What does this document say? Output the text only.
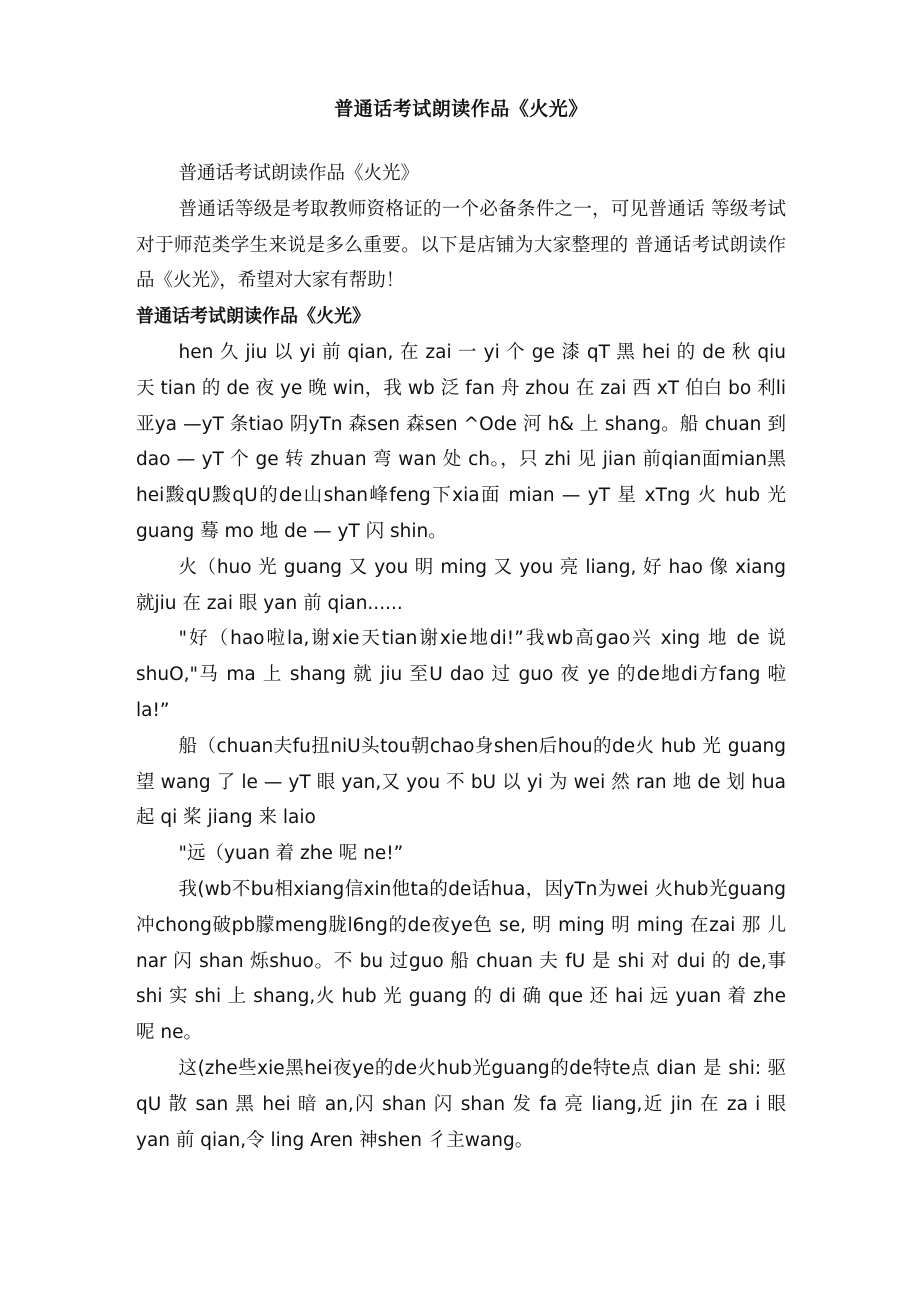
普通话考试朗读作品《火光》

普通话考试朗读作品《火光》

普通话等级是考取教师资格证的一个必备条件之一，可见普通话 等级考试对于师范类学生来说是多么重要。以下是店铺为大家整理的 普通话考试朗读作品《火光》，希望对大家有帮助！

普通话考试朗读作品《火光》

hen 久 jiu 以 yi 前 qian, 在 zai 一 yi 个 ge 漆 qT 黑 hei 的 de 秋 qiu 天 tian 的 de 夜 ye 晚 win，我 wb 泛 fan 舟 zhou 在 zai 西 xT 伯白 bo 利li 亚ya —yT 条tiao 阴yTn 森sen 森sen ^Ode 河 h& 上 shang。船 chuan 到 dao — yT 个 ge 转 zhuan 弯 wan 处 ch。，只 zhi 见 jian 前qian面mian黑hei黢qU黢qU的de山shan峰feng下xia面 mian — yT 星 xTng 火 hub 光 guang 蓦 mo 地 de — yT 闪 shin。

火（huo 光 guang 又 you 明 ming 又 you 亮 liang, 好 hao 像 xiang 就jiu 在 zai 眼 yan 前 qian......

"好（hao啦la,谢xie天tian谢xie地di!”我wb高gao兴 xing 地 de 说 shuO,"马 ma 上 shang 就 jiu 至U dao 过 guo 夜 ye 的de地di方fang 啦la!”

船（chuan夫fu扭niU头tou朝chao身shen后hou的de火 hub 光 guang 望 wang 了 le — yT 眼 yan,又 you 不 bU 以 yi 为 wei 然 ran 地 de 划 hua 起 qi 桨 jiang 来 laio

"远（yuan 着 zhe 呢 ne!”

我(wb不bu相xiang信xin他ta的de话hua，因yTn为wei 火hub光guang 冲chong破pb朦meng胧l6ng的de夜ye色 se, 明 ming 明 ming 在zai 那 儿 nar 闪 shan 烁shuo。不 bu 过guo 船 chuan 夫 fU 是 shi 对 dui 的 de,事 shi 实 shi 上 shang,火 hub 光 guang 的 di 确 que 还 hai 远 yuan 着 zhe 呢 ne。

这(zhe些xie黑hei夜ye的de火hub光guang的de特te点 dian 是 shi: 驱 qU 散 san 黑 hei 暗 an,闪 shan 闪 shan 发 fa 亮 liang,近 jin 在 za i 眼 yan 前 qian,令 ling Aren 神shen 彳主wang。
